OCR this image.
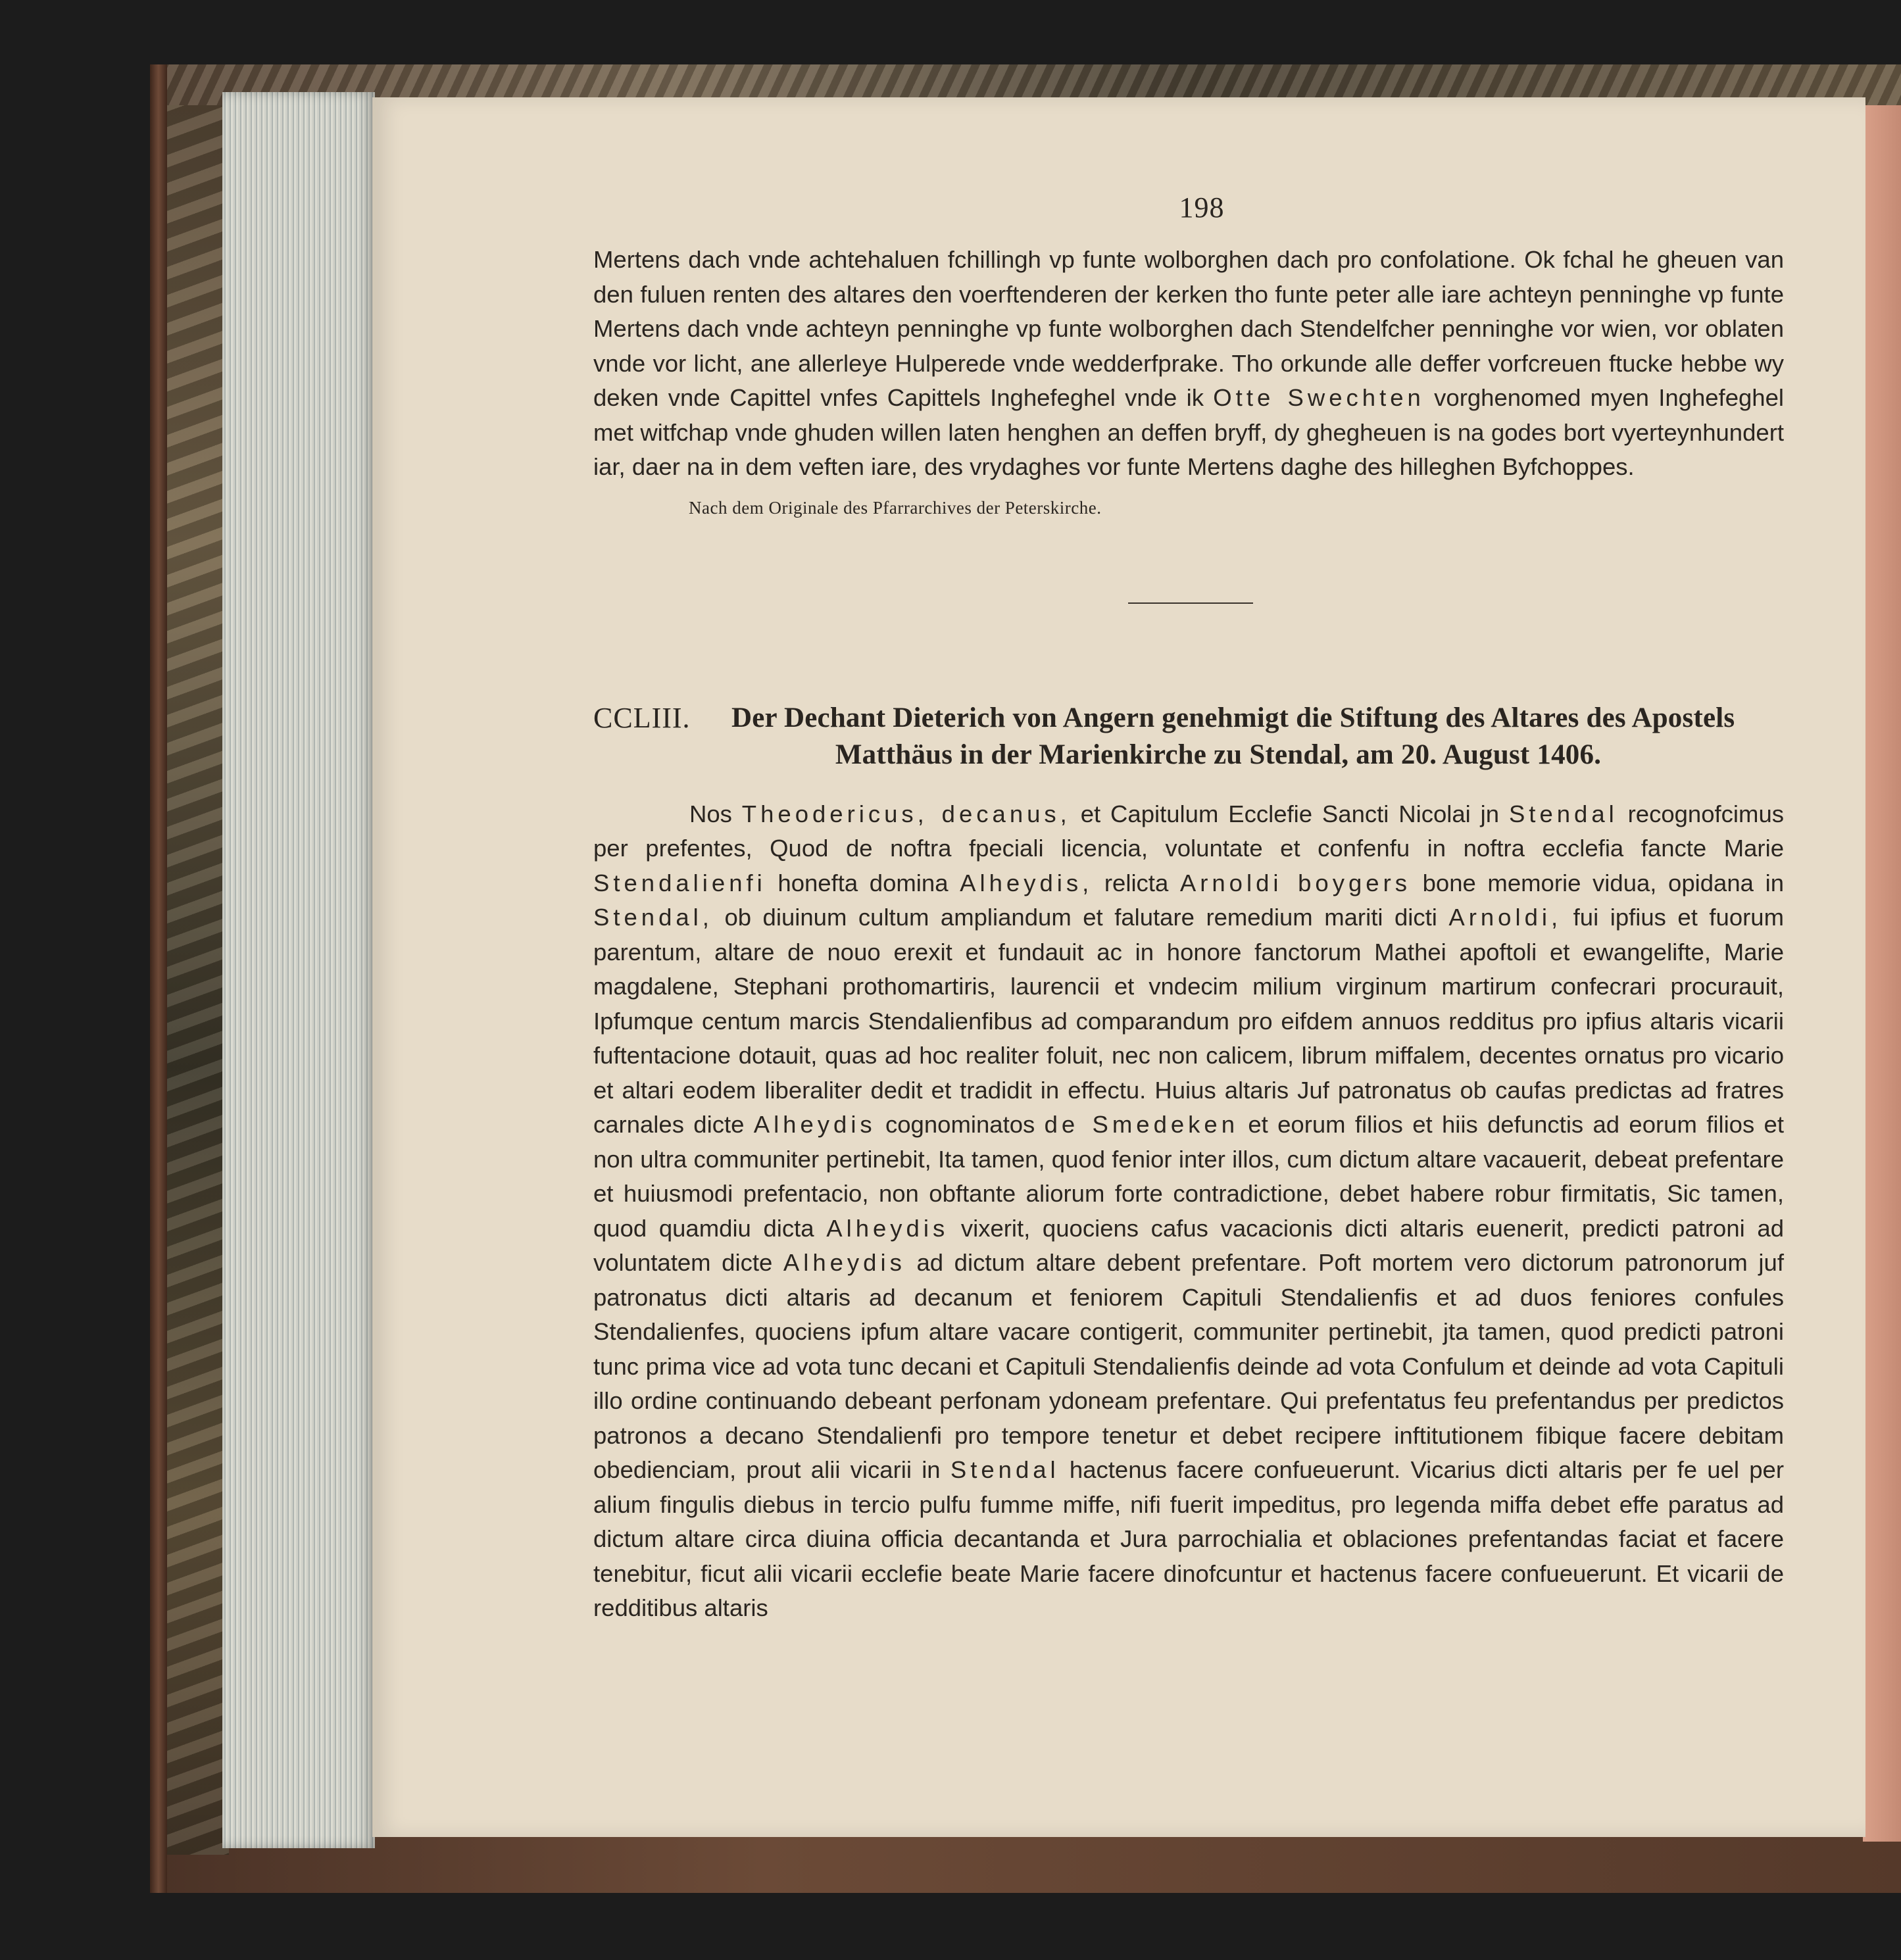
198

Mertens dach vnde achtehaluen fchillingh vp funte wolborghen dach pro confolatione. Ok fchal he gheuen van den fuluen renten des altares den voerftenderen der kerken tho funte peter alle iare achteyn penninghe vp funte Mertens dach vnde achteyn penninghe vp funte wolborghen dach Stendelfcher penninghe vor wien, vor oblaten vnde vor licht, ane allerleye Hulperede vnde wedderfprake. Tho orkunde alle deffer vorfcreuen ftucke hebbe wy deken vnde Capittel vnfes Capittels Inghefeghel vnde ik Otte Swechten vorghenomed myen Inghefeghel met witfchap vnde ghuden willen laten henghen an deffen bryff, dy ghegheuen is na godes bort vyerteynhundert iar, daer na in dem veften iare, des vrydaghes vor funte Mertens daghe des hilleghen Byfchoppes.

Nach dem Originale des Pfarrarchives der Peterskirche.
CCLIII. Der Dechant Dieterich von Angern genehmigt die Stiftung des Altares des Apostels
Matthäus in der Marienkirche zu Stendal, am 20. August 1406.

Nos Theodericus, decanus, et Capitulum Ecclefie Sancti Nicolai jn Stendal recognofcimus per prefentes, Quod de noftra fpeciali licencia, voluntate et confenfu in noftra ecclefia fancte Marie Stendalienfi honefta domina Alheydis, relicta Arnoldi boygers bone memorie vidua, opidana in Stendal, ob diuinum cultum ampliandum et falutare remedium mariti dicti Arnoldi, fui ipfius et fuorum parentum, altare de nouo erexit et fundauit ac in honore fanctorum Mathei apoftoli et ewangelifte, Marie magdalene, Stephani prothomartiris, laurencii et vndecim milium virginum martirum confecrari procurauit, Ipfumque centum marcis Stendalienfibus ad comparandum pro eifdem annuos redditus pro ipfius altaris vicarii fuftentacione dotauit, quas ad hoc realiter foluit, nec non calicem, librum miffalem, decentes ornatus pro vicario et altari eodem liberaliter dedit et tradidit in effectu. Huius altaris Juf patronatus ob caufas predictas ad fratres carnales dicte Alheydis cognominatos de Smedeken et eorum filios et hiis defunctis ad eorum filios et non ultra communiter pertinebit, Ita tamen, quod fenior inter illos, cum dictum altare vacauerit, debeat prefentare et huiusmodi prefentacio, non obftante aliorum forte contradictione, debet habere robur firmitatis, Sic tamen, quod quamdiu dicta Alheydis vixerit, quociens cafus vacacionis dicti altaris euenerit, predicti patroni ad voluntatem dicte Alheydis ad dictum altare debent prefentare. Poft mortem vero dictorum patronorum juf patronatus dicti altaris ad decanum et feniorem Capituli Stendalienfis et ad duos feniores confules Stendalienfes, quociens ipfum altare vacare contigerit, communiter pertinebit, jta tamen, quod predicti patroni tunc prima vice ad vota tunc decani et Capituli Stendalienfis deinde ad vota Confulum et deinde ad vota Capituli illo ordine continuando debeant perfonam ydoneam prefentare. Qui prefentatus feu prefentandus per predictos patronos a decano Stendalienfi pro tempore tenetur et debet recipere inftitutionem fibique facere debitam obedienciam, prout alii vicarii in Stendal hactenus facere confueuerunt. Vicarius dicti altaris per fe uel per alium fingulis diebus in tercio pulfu fumme miffe, nifi fuerit impeditus, pro legenda miffa debet effe paratus ad dictum altare circa diuina officia decantanda et Jura parrochialia et oblaciones prefentandas faciat et facere tenebitur, ficut alii vicarii ecclefie beate Marie facere dinofcuntur et hactenus facere confueuerunt. Et vicarii de redditibus altaris
